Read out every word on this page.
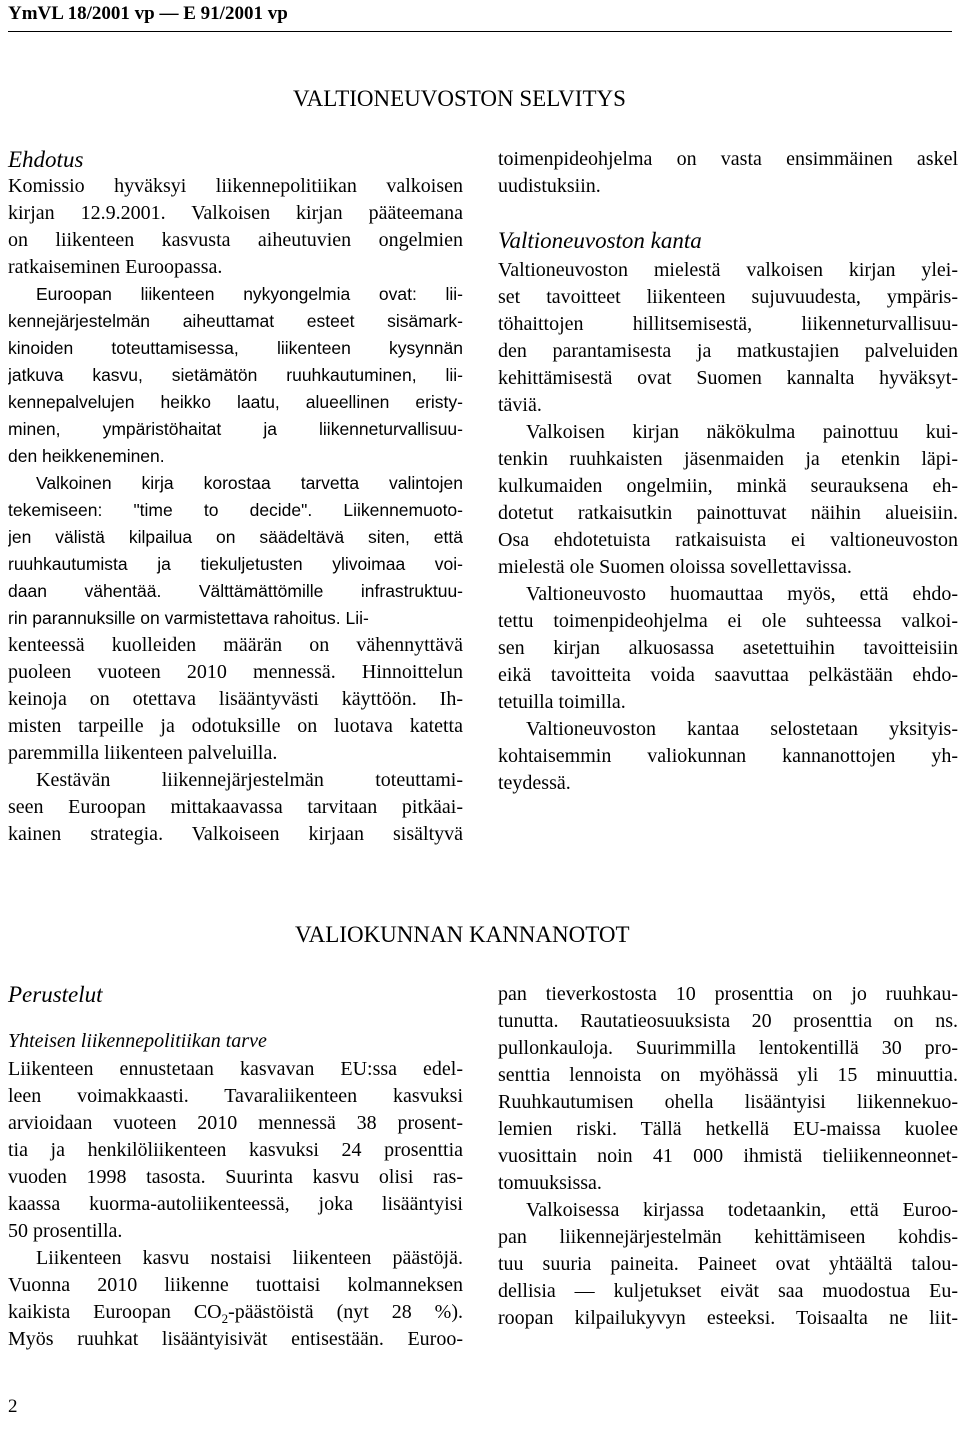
YmVL 18/2001 vp — E 91/2001 vp
VALTIONEUVOSTON SELVITYS
Ehdotus
Komissio hyväksyi liikennepolitiikan valkoisen
kirjan 12.9.2001. Valkoisen kirjan pääteemana
on liikenteen kasvusta aiheutuvien ongelmien
ratkaiseminen Euroopassa.
Euroopan liikenteen nykyongelmia ovat: lii-
kennejärjestelmän aiheuttamat esteet sisämark-
kinoiden toteuttamisessa, liikenteen kysynnän
jatkuva kasvu, sietämätön ruuhkautuminen, lii-
kennepalvelujen heikko laatu, alueellinen eristy-
minen, ympäristöhaitat ja liikenneturvallisuu-
den heikkeneminen.
Valkoinen kirja korostaa tarvetta valintojen
tekemiseen: "time to decide". Liikennemuoto-
jen välistä kilpailua on säädeltävä siten, että
ruuhkautumista ja tiekuljetusten ylivoimaa voi-
daan vähentää. Välttämättömille infrastruktuu-
rin parannuksille on varmistettava rahoitus. Lii-
kenteessä kuolleiden määrän on vähennyttävä
puoleen vuoteen 2010 mennessä. Hinnoittelun
keinoja on otettava lisääntyvästi käyttöön. Ih-
misten tarpeille ja odotuksille on luotava katetta
paremmilla liikenteen palveluilla.
Kestävän liikennejärjestelmän toteuttami-
seen Euroopan mittakaavassa tarvitaan pitkäai-
kainen strategia. Valkoiseen kirjaan sisältyvä
toimenpideohjelma on vasta ensimmäinen askel
uudistuksiin.
Valtioneuvoston kanta
Valtioneuvoston mielestä valkoisen kirjan ylei-
set tavoitteet liikenteen sujuvuudesta, ympäris-
töhaittojen hillitsemisestä, liikenneturvallisuu-
den parantamisesta ja matkustajien palveluiden
kehittämisestä ovat Suomen kannalta hyväksyt-
täviä.
Valkoisen kirjan näkökulma painottuu kui-
tenkin ruuhkaisten jäsenmaiden ja etenkin läpi-
kulkumaiden ongelmiin, minkä seurauksena eh-
dotetut ratkaisutkin painottuvat näihin alueisiin.
Osa ehdotetuista ratkaisuista ei valtioneuvoston
mielestä ole Suomen oloissa sovellettavissa.
Valtioneuvosto huomauttaa myös, että ehdo-
tettu toimenpideohjelma ei ole suhteessa valkoi-
sen kirjan alkuosassa asetettuihin tavoitteisiin
eikä tavoitteita voida saavuttaa pelkästään ehdo-
tetuilla toimilla.
Valtioneuvoston kantaa selostetaan yksityis-
kohtaisemmin valiokunnan kannanottojen yh-
teydessä.
VALIOKUNNAN KANNANOTOT
Perustelut
Yhteisen liikennepolitiikan tarve
Liikenteen ennustetaan kasvavan EU:ssa edel-
leen voimakkaasti. Tavaraliikenteen kasvuksi
arvioidaan vuoteen 2010 mennessä 38 prosent-
tia ja henkilöliikenteen kasvuksi 24 prosenttia
vuoden 1998 tasosta. Suurinta kasvu olisi ras-
kaassa kuorma-autoliikenteessä, joka lisääntyisi
50 prosentilla.
Liikenteen kasvu nostaisi liikenteen päästöjä.
Vuonna 2010 liikenne tuottaisi kolmanneksen
kaikista Euroopan $CO_2$-päästöistä (nyt 28 %).
Myös ruuhkat lisääntyisivät entisestään. Euroo-
pan tieverkostosta 10 prosenttia on jo ruuhkau-
tunutta. Rautatieosuuksista 20 prosenttia on ns.
pullonkauloja. Suurimmilla lentokentillä 30 pro-
senttia lennoista on myöhässä yli 15 minuuttia.
Ruuhkautumisen ohella lisääntyisi liikennekuo-
lemien riski. Tällä hetkellä EU-maissa kuolee
vuosittain noin 41 000 ihmistä tieliikenneonnet-
tomuuksissa.
Valkoisessa kirjassa todetaankin, että Euroo-
pan liikennejärjestelmän kehittämiseen kohdis-
tuu suuria paineita. Paineet ovat yhtäältä talou-
dellisia — kuljetukset eivät saa muodostua Eu-
roopan kilpailukyvyn esteeksi. Toisaalta ne liit-
2
